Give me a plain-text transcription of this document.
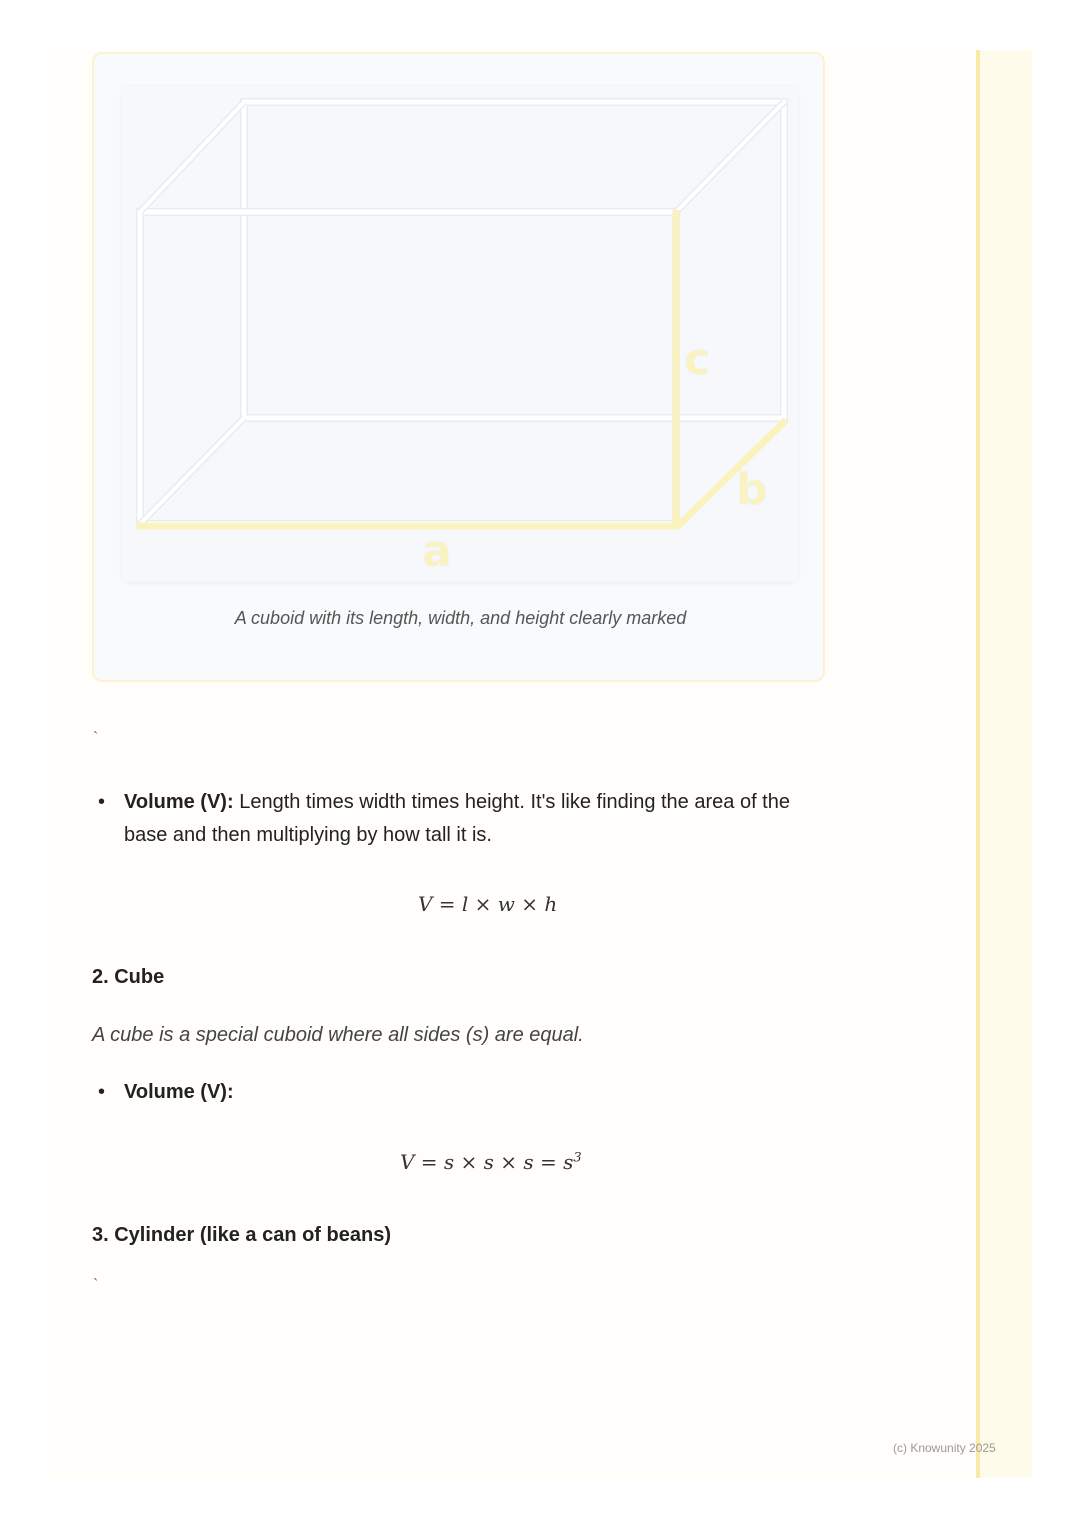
a
c
b
A cuboid with its length, width, and height clearly marked
`
• Volume (V): Length times width times height. It's like finding the area of the base and then multiplying by how tall it is.
V = l × w × h
2. Cube
A cube is a special cuboid where all sides (s) are equal.
• Volume (V):
$V = s \times s \times s = s^3$
3. Cylinder (like a can of beans)
`
(c) Knowunity 2025
